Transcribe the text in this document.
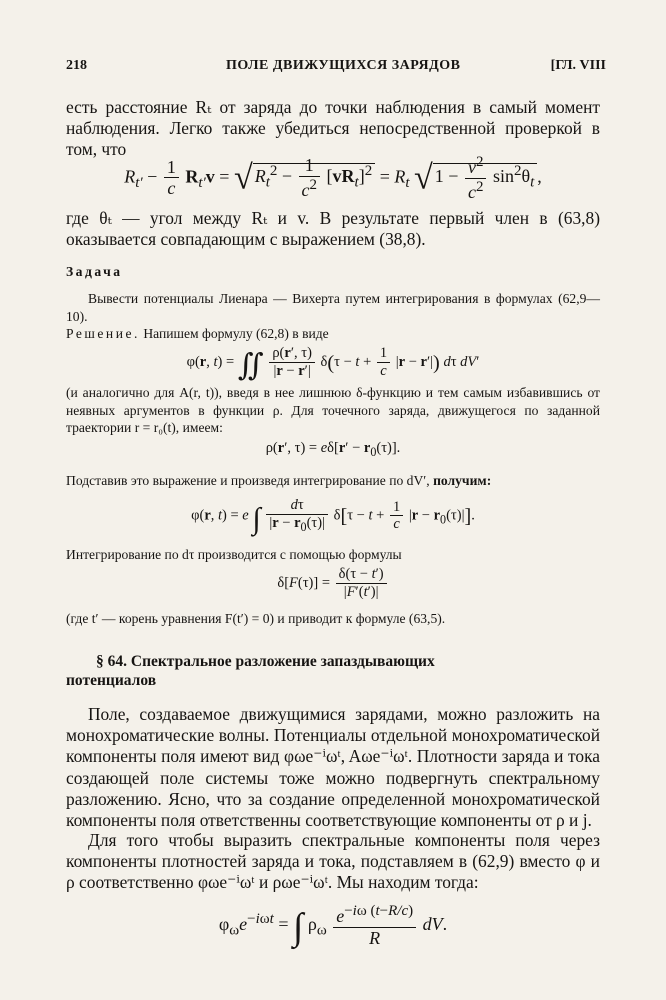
218	ПОЛЕ ДВИЖУЩИХСЯ ЗАРЯДОВ	[ГЛ. VIII

есть расстояние Rₜ от заряда до точки наблюдения в самый момент наблюдения. Легко также убедиться непосредственной проверкой в том, что

$R_{t'} - \frac{1}{c} R_{t'}v$ = √ $R_t^2 - \frac{1}{c^2} [vR_t]^2 = R_t$ √ $1 - \frac{v^2}{c^2} \sin^2\theta_t$ ,

где θₜ — угол между Rₜ и v. В результате первый член в (63,8) оказывается совпадающим с выражением (38,8).

Задача

Вывести потенциалы Лиенара — Вихерта путем интегрирования в формулах (62,9—10).

Решение. Напишем формулу (62,8) в виде

φ(r, t) = ∬ $\frac{\rho(r', \tau)}{|r - r'|} \delta(\tau - t + \frac{1}{c} |r - r'|)$ dτ dV′

(и аналогично для A(r, t)), введя в нее лишнюю δ-функцию и тем самым избавившись от неявных аргументов в функции ρ. Для точечного заряда, движущегося по заданной траектории r = r₀(t), имеем:

ρ(r′, $\tau) = e\delta[r' - r_0(\tau)]$.

Подставив это выражение и произведя интегрирование по dV′, получим:

φ(r, t) = e ∫ $\frac{d\tau}{|r - r_0(\tau)|} \delta[\tau - t + \frac{1}{c} |r - r_0(\tau)|]$.

Интегрирование по dτ производится с помощью формулы

$\delta[F(\tau)] = \frac{\delta(\tau - t')}{|F'(t')|}$

(где t′ — корень уравнения F(t′) = 0) и приводит к формуле (63,5).

§ 64. Спектральное разложение запаздывающих
потенциалов

Поле, создаваемое движущимися зарядами, можно разложить на монохроматические волны. Потенциалы отдельной монохроматической компоненты поля имеют вид φωe⁻ⁱωᵗ, Aωe⁻ⁱωᵗ. Плотности заряда и тока создающей поле системы тоже можно подвергнуть спектральному разложению. Ясно, что за создание определенной монохроматической компоненты поля ответственны соответствующие компоненты от ρ и j.

Для того чтобы выразить спектральные компоненты поля через компоненты плотностей заряда и тока, подставляем в (62,9) вместо φ и ρ соответственно φωe⁻ⁱωᵗ и ρωe⁻ⁱωᵗ. Мы находим тогда:

$\varphi_\omega e^{-i\omega t}$ = ∫ $\rho_\omega \frac{e^{-i\omega (t-R/c)}}{R}$ dV.
